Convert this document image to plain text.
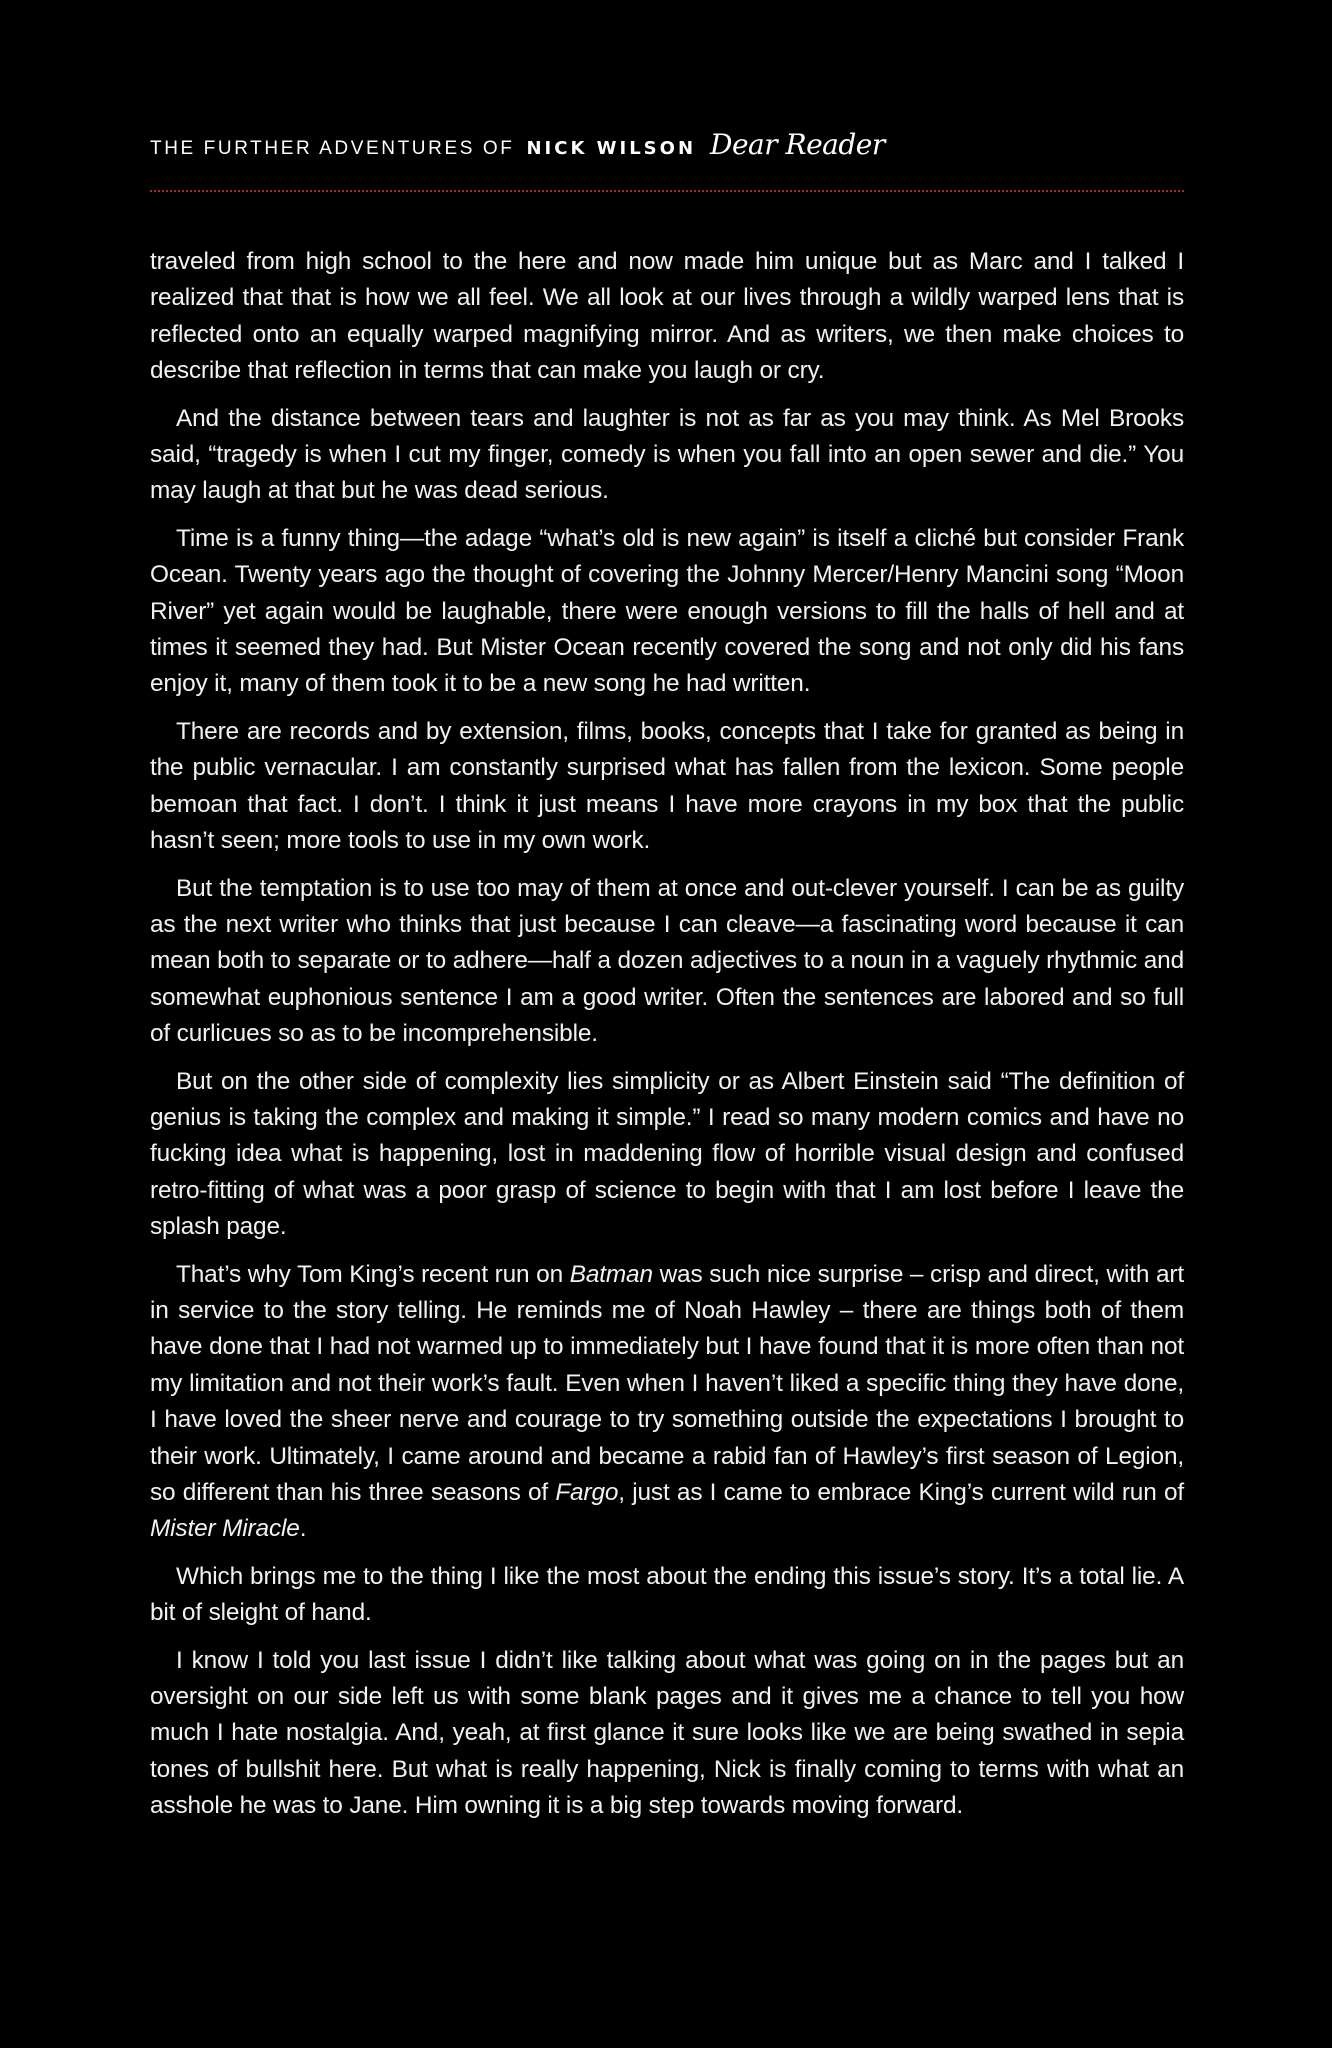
THE FURTHER ADVENTURES OF NICK WILSON Dear Reader

traveled from high school to the here and now made him unique but as Marc and I talked I realized that that is how we all feel. We all look at our lives through a wildly warped lens that is reflected onto an equally warped magnifying mirror. And as writers, we then make choices to describe that reflection in terms that can make you laugh or cry.

And the distance between tears and laughter is not as far as you may think. As Mel Brooks said, “tragedy is when I cut my finger, comedy is when you fall into an open sewer and die.” You may laugh at that but he was dead serious.

Time is a funny thing—the adage “what’s old is new again” is itself a cliché but consider Frank Ocean. Twenty years ago the thought of covering the Johnny Mercer/Henry Mancini song “Moon River” yet again would be laughable, there were enough versions to fill the halls of hell and at times it seemed they had. But Mister Ocean recently covered the song and not only did his fans enjoy it, many of them took it to be a new song he had written.

There are records and by extension, films, books, concepts that I take for granted as being in the public vernacular. I am constantly surprised what has fallen from the lexicon. Some people bemoan that fact. I don’t. I think it just means I have more crayons in my box that the public hasn’t seen; more tools to use in my own work.

But the temptation is to use too may of them at once and out-clever yourself. I can be as guilty as the next writer who thinks that just because I can cleave—a fascinating word because it can mean both to separate or to adhere—half a dozen adjectives to a noun in a vaguely rhythmic and somewhat euphonious sentence I am a good writer. Often the sentences are labored and so full of curlicues so as to be incomprehensible.

But on the other side of complexity lies simplicity or as Albert Einstein said “The definition of genius is taking the complex and making it simple.” I read so many modern comics and have no fucking idea what is happening, lost in maddening flow of horrible visual design and confused retro-fitting of what was a poor grasp of science to begin with that I am lost before I leave the splash page.

That’s why Tom King’s recent run on Batman was such nice surprise – crisp and direct, with art in service to the story telling. He reminds me of Noah Hawley – there are things both of them have done that I had not warmed up to immediately but I have found that it is more often than not my limitation and not their work’s fault. Even when I haven’t liked a specific thing they have done, I have loved the sheer nerve and courage to try something outside the expectations I brought to their work. Ultimately, I came around and became a rabid fan of Hawley’s first season of Legion, so different than his three seasons of Fargo, just as I came to embrace King’s current wild run of Mister Miracle.

Which brings me to the thing I like the most about the ending this issue’s story. It’s a total lie. A bit of sleight of hand.

I know I told you last issue I didn’t like talking about what was going on in the pages but an oversight on our side left us with some blank pages and it gives me a chance to tell you how much I hate nostalgia. And, yeah, at first glance it sure looks like we are being swathed in sepia tones of bullshit here. But what is really happening, Nick is finally coming to terms with what an asshole he was to Jane. Him owning it is a big step towards moving forward.
